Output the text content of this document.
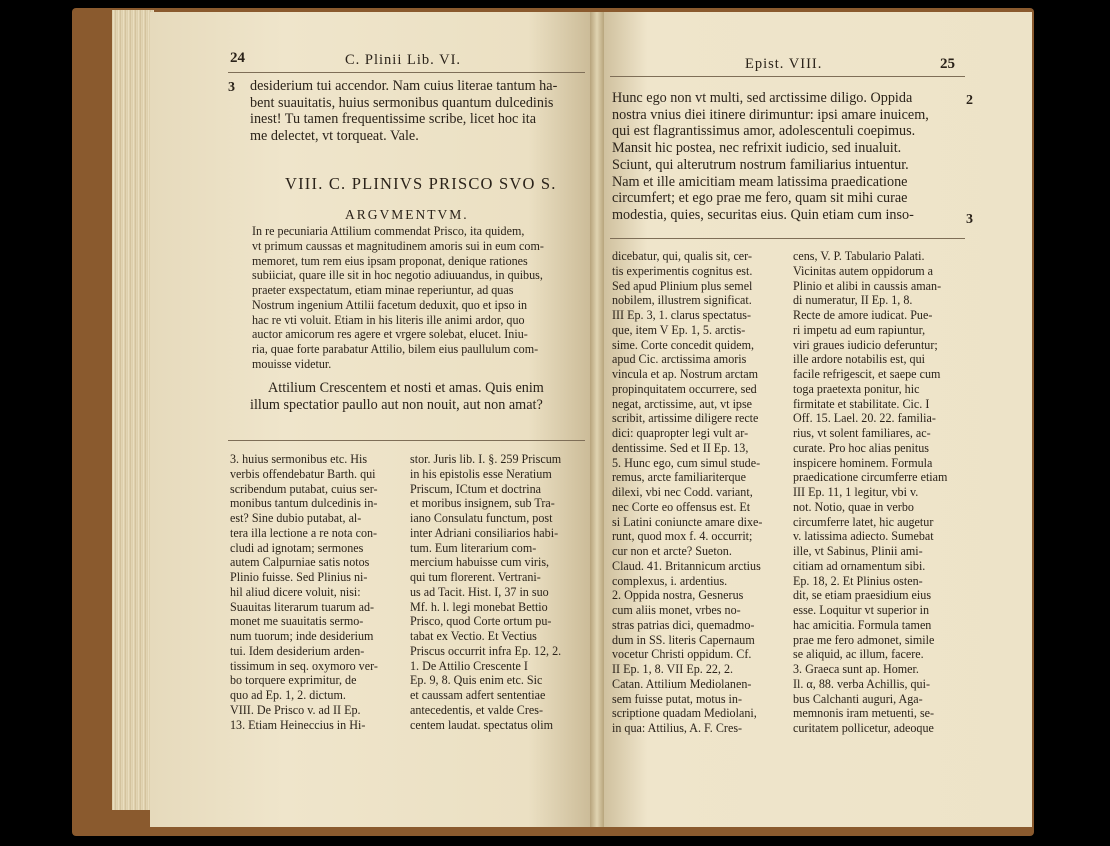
24	C. Plinii Lib. VI.
3 desiderium tui accendor. Nam cuius literae tantum ha-
bent suauitatis, huius sermonibus quantum dulcedinis
inest! Tu tamen frequentissime scribe, licet hoc ita
me delectet, vt torqueat. Vale.
VIII. C. PLINIVS PRISCO SVO S.
ARGVMENTVM.
In re pecuniaria Attilium commendat Prisco, ita quidem,
vt primum caussas et magnitudinem amoris sui in eum com-
memoret, tum rem eius ipsam proponat, denique rationes
subiiciat, quare ille sit in hoc negotio adiuuandus, in quibus,
praeter exspectatum, etiam minae reperiuntur, ad quas
Nostrum ingenium Attilii facetum deduxit, quo et ipso in
hac re vti voluit. Etiam in his literis ille animi ardor, quo
auctor amicorum res agere et vrgere solebat, elucet. Iniu-
ria, quae forte parabatur Attilio, bilem eius paullulum com-
mouisse videtur.
Attilium Crescentem et nosti et amas. Quis enim
illum spectatior paullo aut non nouit, aut non amat?
3. huius sermonibus etc. His
verbis offendebatur Barth. qui
scribendum putabat, cuius ser-
monibus tantum dulcedinis in-
est? Sine dubio putabat, al-
tera illa lectione a re nota con-
cludi ad ignotam; sermones
autem Calpurniae satis notos
Plinio fuisse. Sed Plinius ni-
hil aliud dicere voluit, nisi:
Suauitas literarum tuarum ad-
monet me suauitatis sermo-
num tuorum; inde desiderium
tui. Idem desiderium arden-
tissimum in seq. oxymoro ver-
bo torquere exprimitur, de
quo ad Ep. 1, 2. dictum.
VIII. De Prisco v. ad II Ep.
13. Etiam Heineccius in Hi-
stor. Juris lib. I. §. 259 Priscum
in his epistolis esse Neratium
Priscum, ICtum et doctrina
et moribus insignem, sub Tra-
iano Consulatu functum, post
inter Adriani consiliarios habi-
tum. Eum literarium com-
mercium habuisse cum viris,
qui tum florerent. Vertrani-
us ad Tacit. Hist. I, 37 in suo
Mf. h. l. legi monebat Bettio
Prisco, quod Corte ortum pu-
tabat ex Vectio. Et Vectius
Priscus occurrit infra Ep. 12, 2.
1. De Attilio Crescente I
Ep. 9, 8. Quis enim etc. Sic
et caussam adfert sententiae
antecedentis, et valde Cres-
centem laudat. spectatus olim
Epist. VIII.	25
2
3
Hunc ego non vt multi, sed arctissime diligo. Oppida
nostra vnius diei itinere dirimuntur: ipsi amare inuicem,
qui est flagrantissimus amor, adolescentuli coepimus.
Mansit hic postea, nec refrixit iudicio, sed inualuit.
Sciunt, qui alterutrum nostrum familiarius intuentur.
Nam et ille amicitiam meam latissima praedicatione
circumfert; et ego prae me fero, quam sit mihi curae
modestia, quies, securitas eius. Quin etiam cum inso-
dicebatur, qui, qualis sit, cer-
tis experimentis cognitus est.
Sed apud Plinium plus semel
nobilem, illustrem significat.
III Ep. 3, 1. clarus spectatus-
que, item V Ep. 1, 5. arctis-
sime. Corte concedit quidem,
apud Cic. arctissima amoris
vincula et ap. Nostrum arctam
propinquitatem occurrere, sed
negat, arctissime, aut, vt ipse
scribit, artissime diligere recte
dici: quapropter legi vult ar-
dentissime. Sed et II Ep. 13,
5. Hunc ego, cum simul stude-
remus, arcte familiariterque
dilexi, vbi nec Codd. variant,
nec Corte eo offensus est. Et
si Latini coniuncte amare dixe-
runt, quod mox f. 4. occurrit;
cur non et arcte? Sueton.
Claud. 41. Britannicum arctius
complexus, i. ardentius.
2. Oppida nostra, Gesnerus
cum aliis monet, vrbes no-
stras patrias dici, quemadmo-
dum in SS. literis Capernaum
vocetur Christi oppidum. Cf.
II Ep. 1, 8. VII Ep. 22, 2.
Catan. Attilium Mediolanen-
sem fuisse putat, motus in-
scriptione quadam Mediolani,
in qua: Attilius, A. F. Cres-
cens, V. P. Tabulario Palati.
Vicinitas autem oppidorum a
Plinio et alibi in caussis aman-
di numeratur, II Ep. 1, 8.
Recte de amore iudicat. Pue-
ri impetu ad eum rapiuntur,
viri graues iudicio deferuntur;
ille ardore notabilis est, qui
facile refrigescit, et saepe cum
toga praetexta ponitur, hic
firmitate et stabilitate. Cic. I
Off. 15. Lael. 20. 22. familia-
rius, vt solent familiares, ac-
curate. Pro hoc alias penitus
inspicere hominem. Formula
praedicatione circumferre etiam
III Ep. 11, 1 legitur, vbi v.
not. Notio, quae in verbo
circumferre latet, hic augetur
v. latissima adiecto. Sumebat
ille, vt Sabinus, Plinii ami-
citiam ad ornamentum sibi.
Ep. 18, 2. Et Plinius osten-
dit, se etiam praesidium eius
esse. Loquitur vt superior in
hac amicitia. Formula tamen
prae me fero admonet, simile
se aliquid, ac illum, facere.
3. Graeca sunt ap. Homer.
Il. α, 88. verba Achillis, qui-
bus Calchanti auguri, Aga-
memnonis iram metuenti, se-
curitatem pollicetur, adeoque
